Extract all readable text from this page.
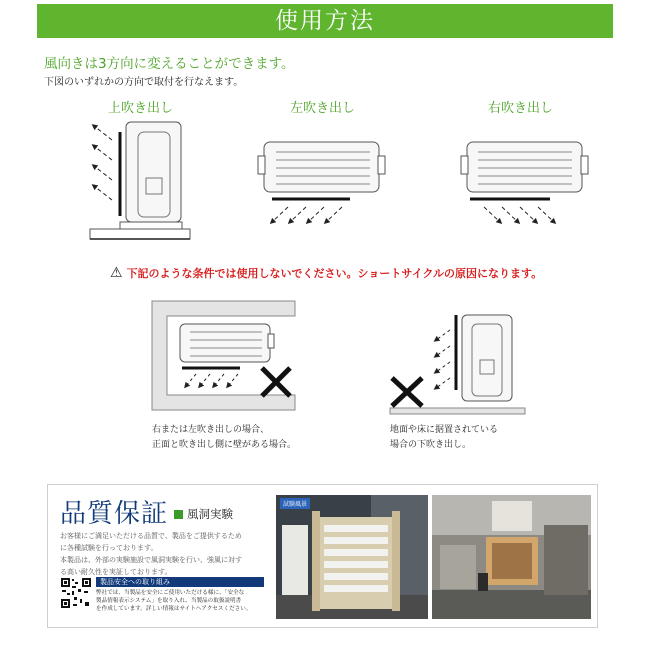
使用方法
風向きは3方向に変えることができます。
下図のいずれかの方向で取付を行なえます。
上吹き出し	左吹き出し	右吹き出し
⚠ 下記のような条件では使用しないでください。ショートサイクルの原因になります。
右または左吹き出しの場合、
正面と吹き出し側に壁がある場合。
地面や床に据置されている
場合の下吹き出し。
品質保証 風洞実験
お客様にご満足いただける品質で、製品をご提供するため
に各種試験を行っております。
本製品は、外部の実験施設で風洞実験を行い、強風に対す
る高い耐久性を実証しております。
製品安全への取り組み
弊社では、当製品を安全にご使用いただける様に、「安全な
製品情報表示システム」を取り入れ、当製品の取扱説明書
を作成しています。詳しい情報はサイトへアクセスください。
試験風景
